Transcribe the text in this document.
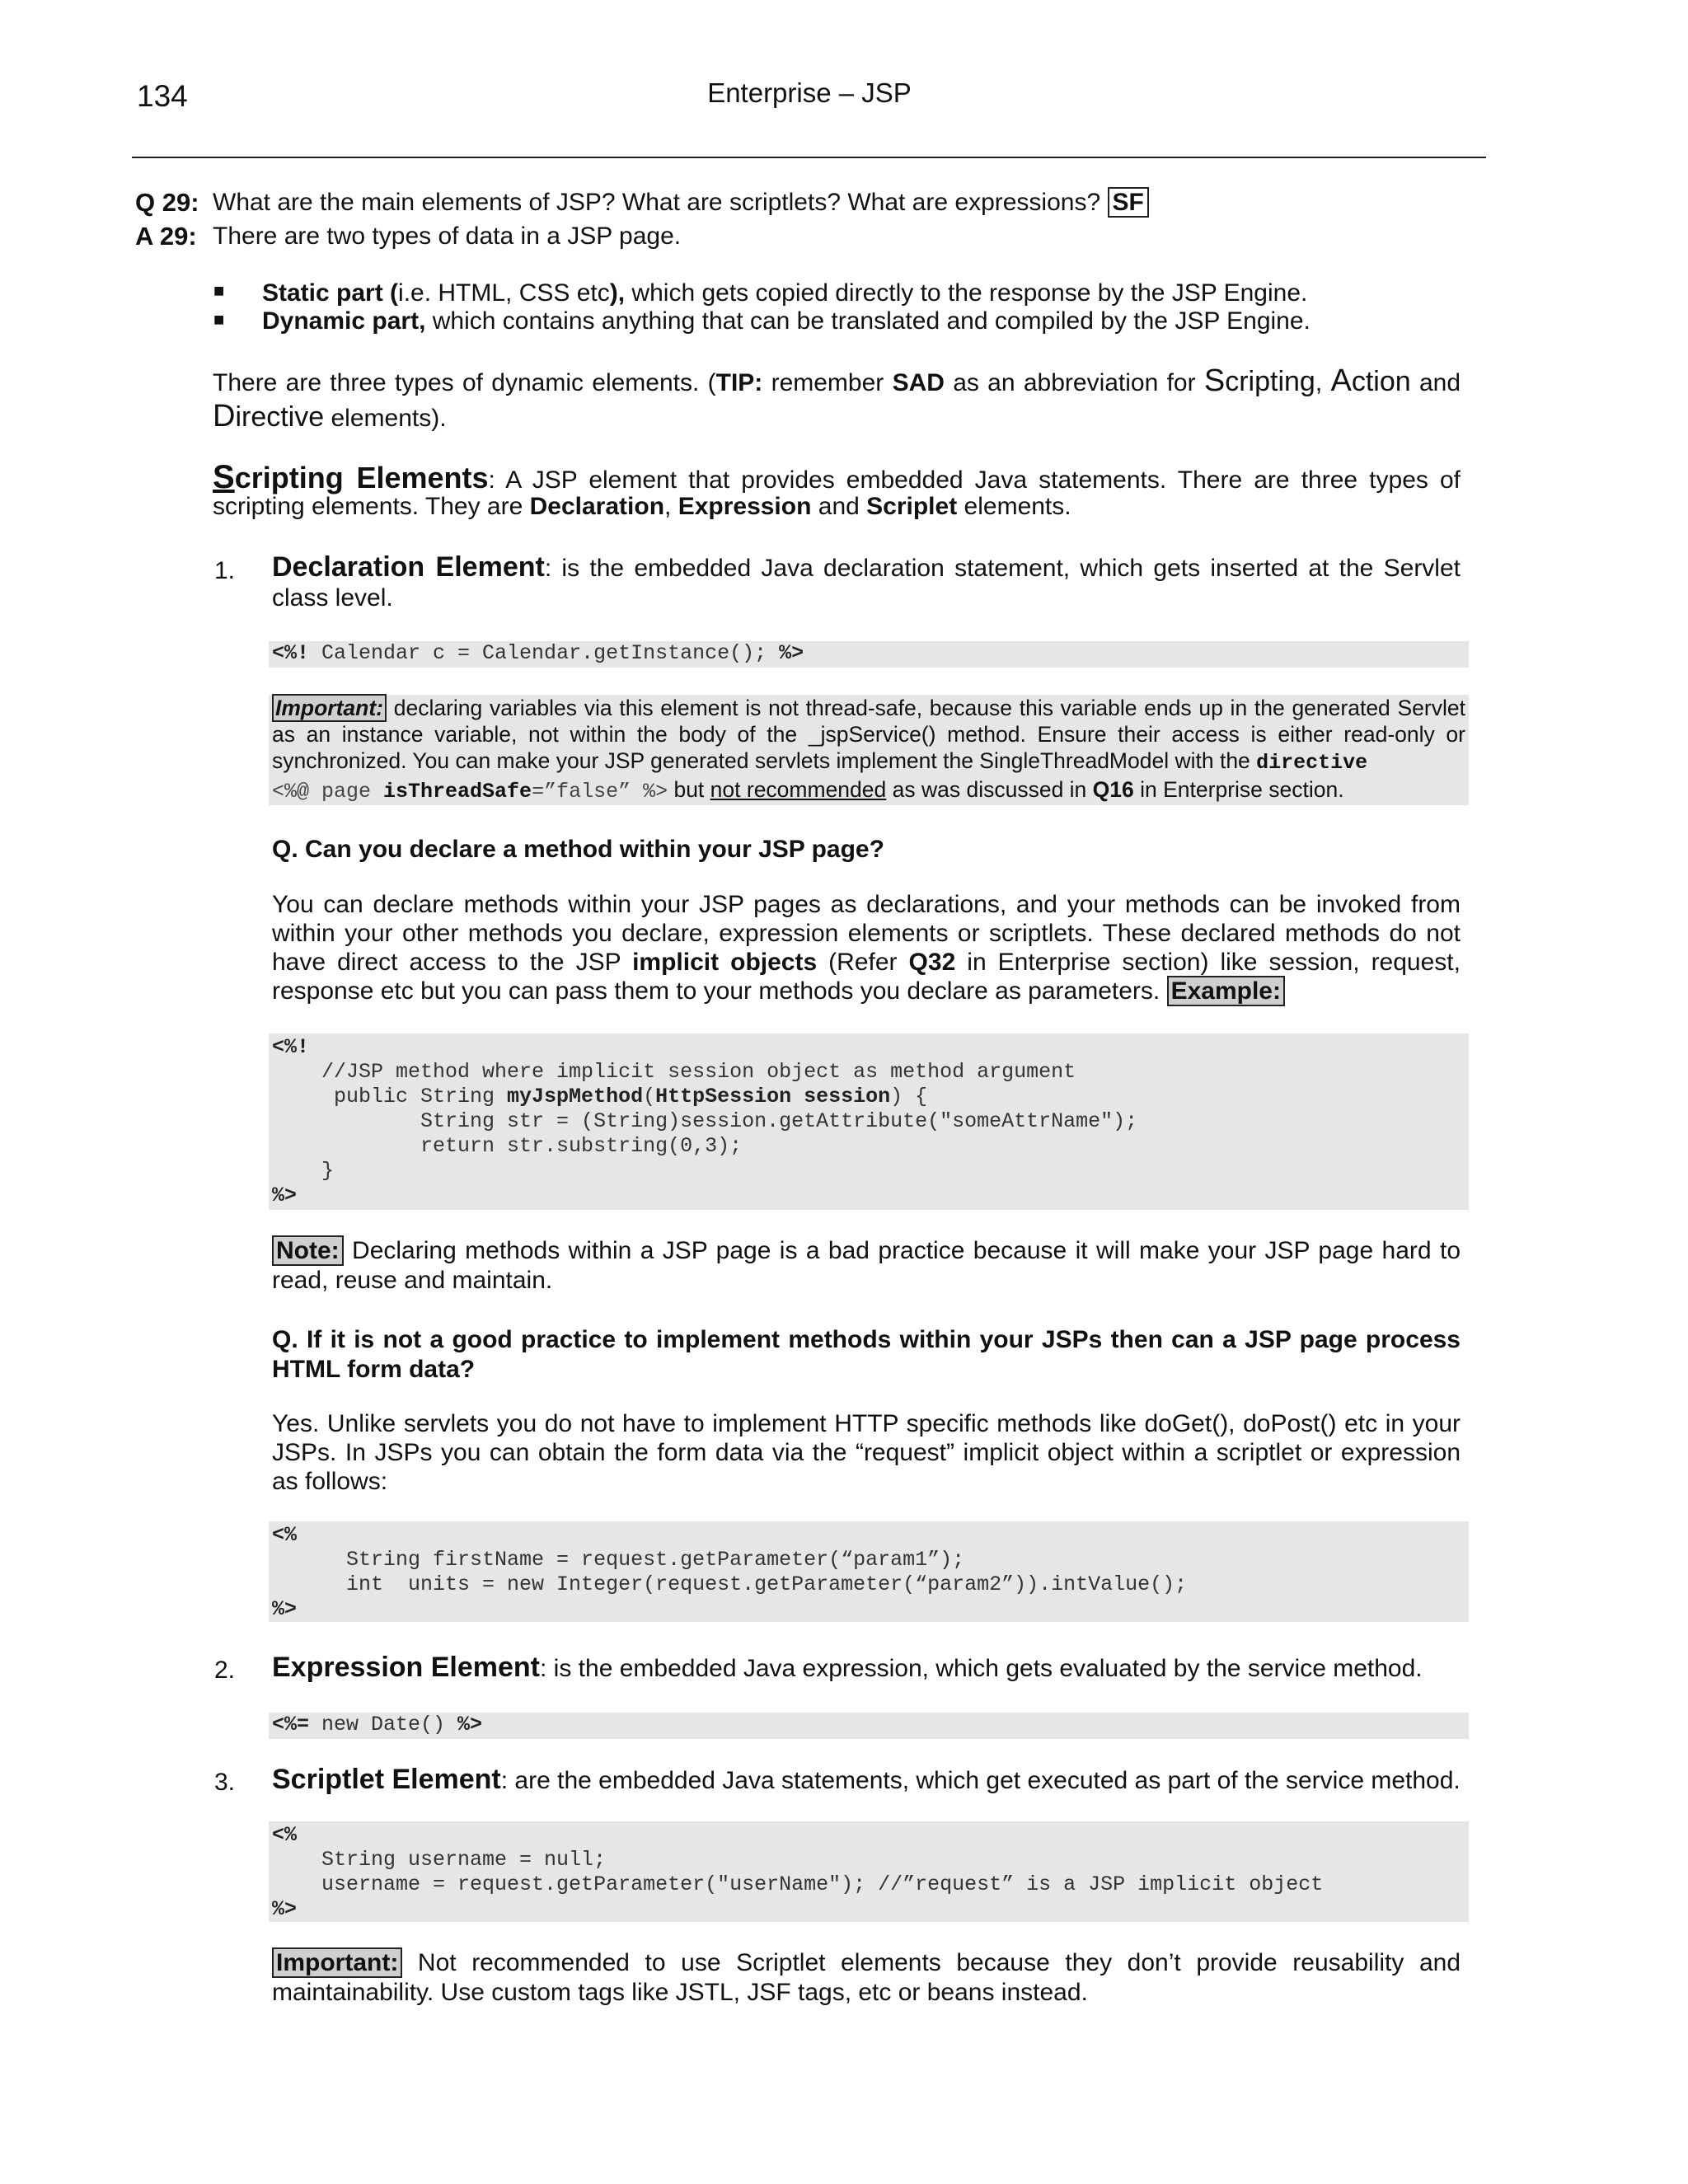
134	Enterprise – JSP
Q 29: What are the main elements of JSP? What are scriptlets? What are expressions? SF
A 29: There are two types of data in a JSP page.
■ Static part (i.e. HTML, CSS etc), which gets copied directly to the response by the JSP Engine.
■ Dynamic part, which contains anything that can be translated and compiled by the JSP Engine.
There are three types of dynamic elements. (TIP: remember SAD as an abbreviation for Scripting, Action and Directive elements).
Scripting Elements: A JSP element that provides embedded Java statements. There are three types of
scripting elements. They are Declaration, Expression and Scriplet elements.
1. Declaration Element: is the embedded Java declaration statement, which gets inserted at the Servlet
class level.
<%! Calendar c = Calendar.getInstance(); %>
Important: declaring variables via this element is not thread-safe, because this variable ends up in the generated Servlet
as an instance variable, not within the body of the _jspService() method. Ensure their access is either read-only or
synchronized. You can make your JSP generated servlets implement the SingleThreadModel with the directive
<%@ page isThreadSafe=”false” %> but not recommended as was discussed in Q16 in Enterprise section.
Q. Can you declare a method within your JSP page?
You can declare methods within your JSP pages as declarations, and your methods can be invoked from
within your other methods you declare, expression elements or scriptlets. These declared methods do not
have direct access to the JSP implicit objects (Refer Q32 in Enterprise section) like session, request,
response etc but you can pass them to your methods you declare as parameters. Example:
<%!
//JSP method where implicit session object as method argument
public String myJspMethod(HttpSession session) {
String str = (String)session.getAttribute("someAttrName");
return str.substring(0,3);
}
%>
Note: Declaring methods within a JSP page is a bad practice because it will make your JSP page hard to
read, reuse and maintain.
Q. If it is not a good practice to implement methods within your JSPs then can a JSP page process
HTML form data?
Yes. Unlike servlets you do not have to implement HTTP specific methods like doGet(), doPost() etc in your
JSPs. In JSPs you can obtain the form data via the “request” implicit object within a scriptlet or expression
as follows:
<%
String firstName = request.getParameter(“param1”);
int  units = new Integer(request.getParameter(“param2”)).intValue();
%>
2. Expression Element: is the embedded Java expression, which gets evaluated by the service method.
<%= new Date() %>
3. Scriptlet Element: are the embedded Java statements, which get executed as part of the service method.
<%
String username = null;
username = request.getParameter("userName"); //”request” is a JSP implicit object
%>
Important: Not recommended to use Scriptlet elements because they don’t provide reusability and
maintainability. Use custom tags like JSTL, JSF tags, etc or beans instead.
